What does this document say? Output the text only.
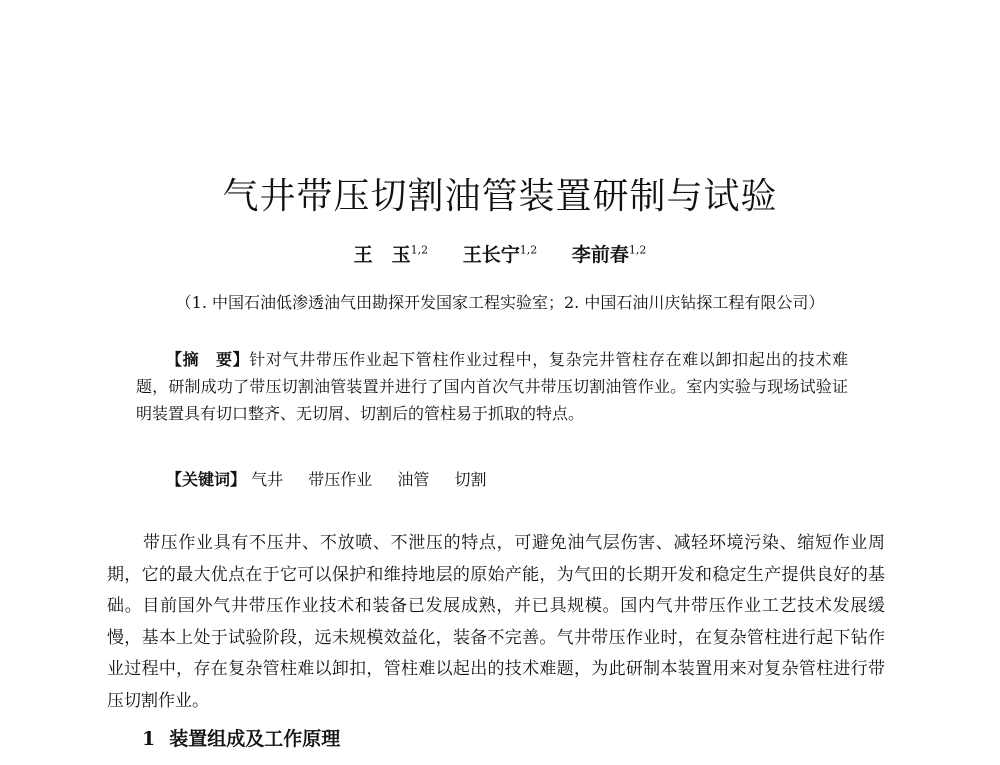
气井带压切割油管装置研制与试验
王　玉$^{1,2}$ 王长宁$^{1,2}$ 李前春$^{1,2}$
（1. 中国石油低渗透油气田勘探开发国家工程实验室；2. 中国石油川庆钻探工程有限公司）

【摘　要】针对气井带压作业起下管柱作业过程中，复杂完井管柱存在难以卸扣起出的技术难题，研制成功了带压切割油管装置并进行了国内首次气井带压切割油管作业。室内实验与现场试验证明装置具有切口整齐、无切屑、切割后的管柱易于抓取的特点。

【关键词】 气井 带压作业 油管 切割

带压作业具有不压井、不放喷、不泄压的特点，可避免油气层伤害、减轻环境污染、缩短作业周期，它的最大优点在于它可以保护和维持地层的原始产能，为气田的长期开发和稳定生产提供良好的基础。目前国外气井带压作业技术和装备已发展成熟，并已具规模。国内气井带压作业工艺技术发展缓慢，基本上处于试验阶段，远未规模效益化，装备不完善。气井带压作业时，在复杂管柱进行起下钻作业过程中，存在复杂管柱难以卸扣，管柱难以起出的技术难题，为此研制本装置用来对复杂管柱进行带压切割作业。

1 装置组成及工作原理
